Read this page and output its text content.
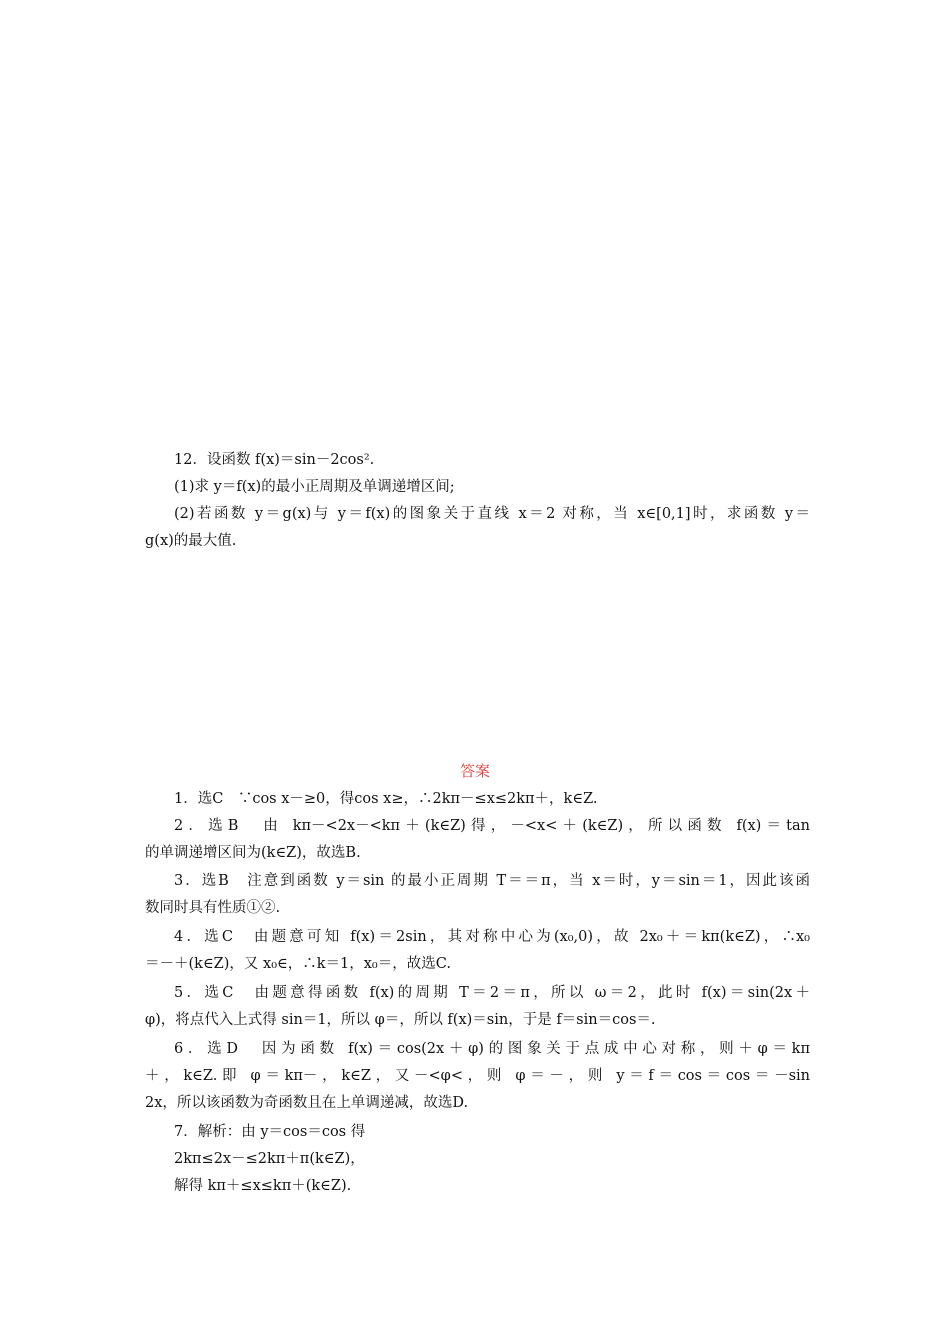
12．设函数 f(x)＝sin－2cos².
(1)求 y＝f(x)的最小正周期及单调递增区间;
(2)若函数 y＝g(x)与 y＝f(x)的图象关于直线 x＝2 对称，当 x∈[0,1]时，求函数 y＝
g(x)的最大值.
答案
1．选C　∵cos x－≥0，得cos x≥，∴2kπ－≤x≤2kπ＋，k∈Z.
2．选B　由 kπ－<2x－<kπ＋(k∈Z)得，－<x<＋(k∈Z)，所以函数 f(x)＝tan
的单调递增区间为(k∈Z)，故选B.
3．选B　注意到函数 y＝sin 的最小正周期 T＝＝π，当 x＝时，y＝sin＝1，因此该函
数同时具有性质①②.
4．选C　由题意可知 f(x)＝2sin，其对称中心为(x₀,0)，故 2x₀＋＝kπ(k∈Z)，∴x₀
＝－＋(k∈Z)，又 x₀∈，∴k＝1，x₀＝，故选C.
5．选C　由题意得函数 f(x)的周期 T＝2＝π，所以 ω＝2，此时 f(x)＝sin(2x＋
φ)，将点代入上式得 sin＝1，所以 φ＝，所以 f(x)＝sin，于是 f＝sin＝cos＝.
6．选D　因为函数 f(x)＝cos(2x＋φ)的图象关于点成中心对称，则＋φ＝kπ
＋，k∈Z.即 φ＝kπ－，k∈Z，又－<φ<，则 φ＝－，则 y＝f＝cos＝cos＝－sin
2x，所以该函数为奇函数且在上单调递减，故选D.
7．解析：由 y＝cos＝cos 得
2kπ≤2x－≤2kπ＋π(k∈Z)，
解得 kπ＋≤x≤kπ＋(k∈Z).
